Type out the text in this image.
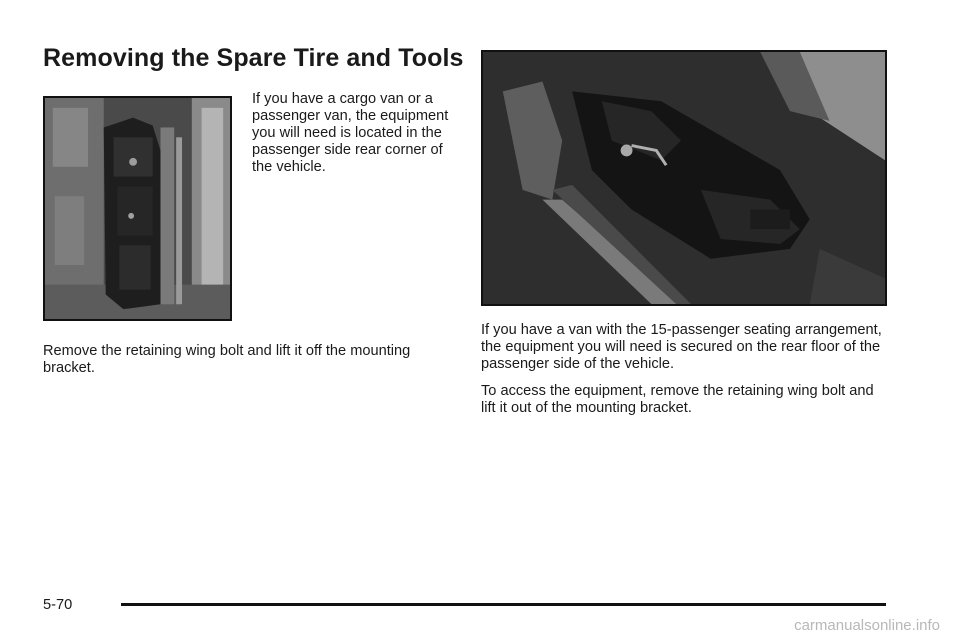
Removing the Spare Tire and Tools

If you have a cargo van or a passenger van, the equipment you will need is located in the passenger side rear corner of the vehicle.

Remove the retaining wing bolt and lift it off the mounting bracket.

If you have a van with the 15-passenger seating arrangement, the equipment you will need is secured on the rear floor of the passenger side of the vehicle.

To access the equipment, remove the retaining wing bolt and lift it out of the mounting bracket.

5-70
carmanualsonline.info
